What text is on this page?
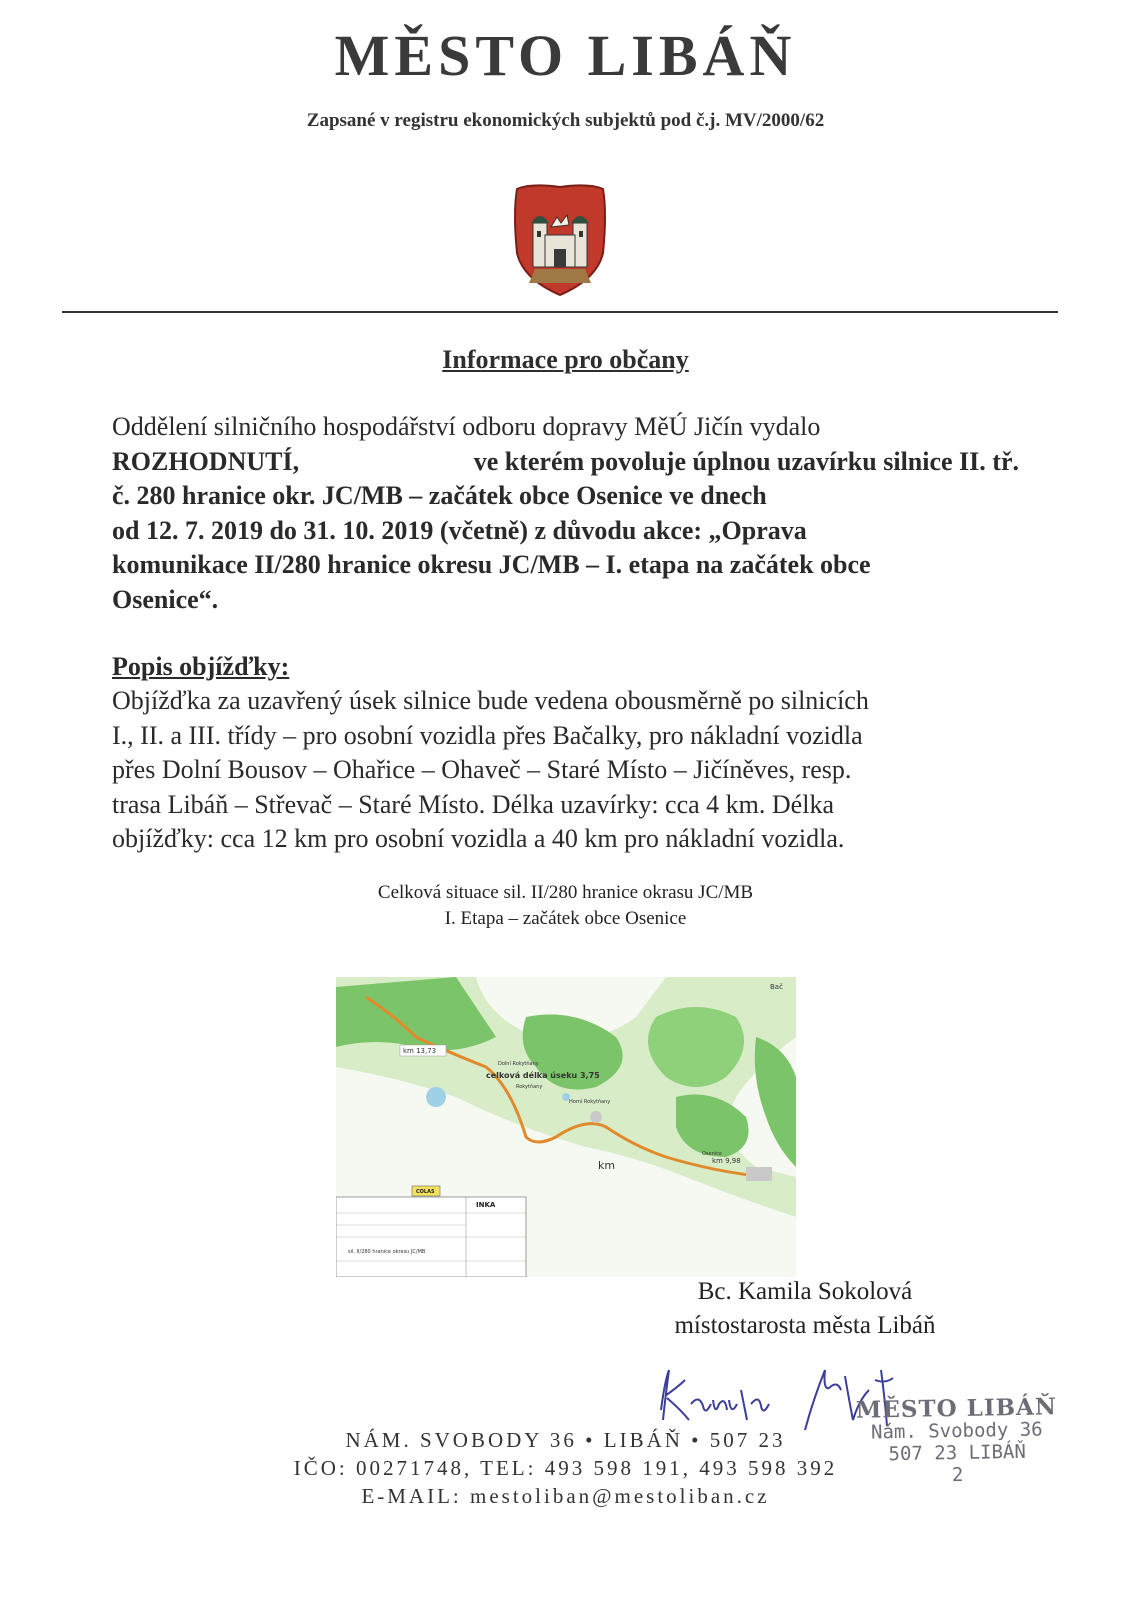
MĚSTO LIBÁŇ
Zapsané v registru ekonomických subjektů pod č.j. MV/2000/62
Informace pro občany
Oddělení silničního hospodářství odboru dopravy MěÚ Jičín vydalo
ROZHODNUTÍ,	ve kterém povoluje úplnou uzavírku silnice II. tř.
č. 280 hranice okr. JC/MB – začátek obce Osenice ve dnech
od 12. 7. 2019 do 31. 10. 2019 (včetně) z důvodu akce: „Oprava
komunikace II/280 hranice okresu JC/MB – I. etapa na začátek obce
Osenice“.
Popis objížďky:
Objížďka za uzavřený úsek silnice bude vedena obousměrně po silnicích
I., II. a III. třídy – pro osobní vozidla přes Bačalky, pro nákladní vozidla
přes Dolní Bousov – Ohařice – Ohaveč – Staré Místo – Jičíněves, resp.
trasa Libáň – Střevač – Staré Místo. Délka uzavírky: cca 4 km. Délka
objížďky: cca 12 km pro osobní vozidla a 40 km pro nákladní vozidla.
Celková situace sil. II/280 hranice okrasu JC/MB
I. Etapa – začátek obce Osenice
km 13,73
Dolní Rokytňany
celková délka úseku 3,75
Rokytňany
Horní Rokytňany
Osenice
km 9,98
km
Bač
COLAS
INKA
sil. II/280 hranice okresu JC/MB
Bc. Kamila Sokolová
místostarosta města Libáň
MĚSTO LIBÁŇ
Nám. Svobody 36
507 23 LIBÁŇ
2
NÁM. SVOBODY 36 • LIBÁŇ • 507 23
IČO: 00271748, TEL: 493 598 191, 493 598 392
E-MAIL: mestoliban@mestoliban.cz
